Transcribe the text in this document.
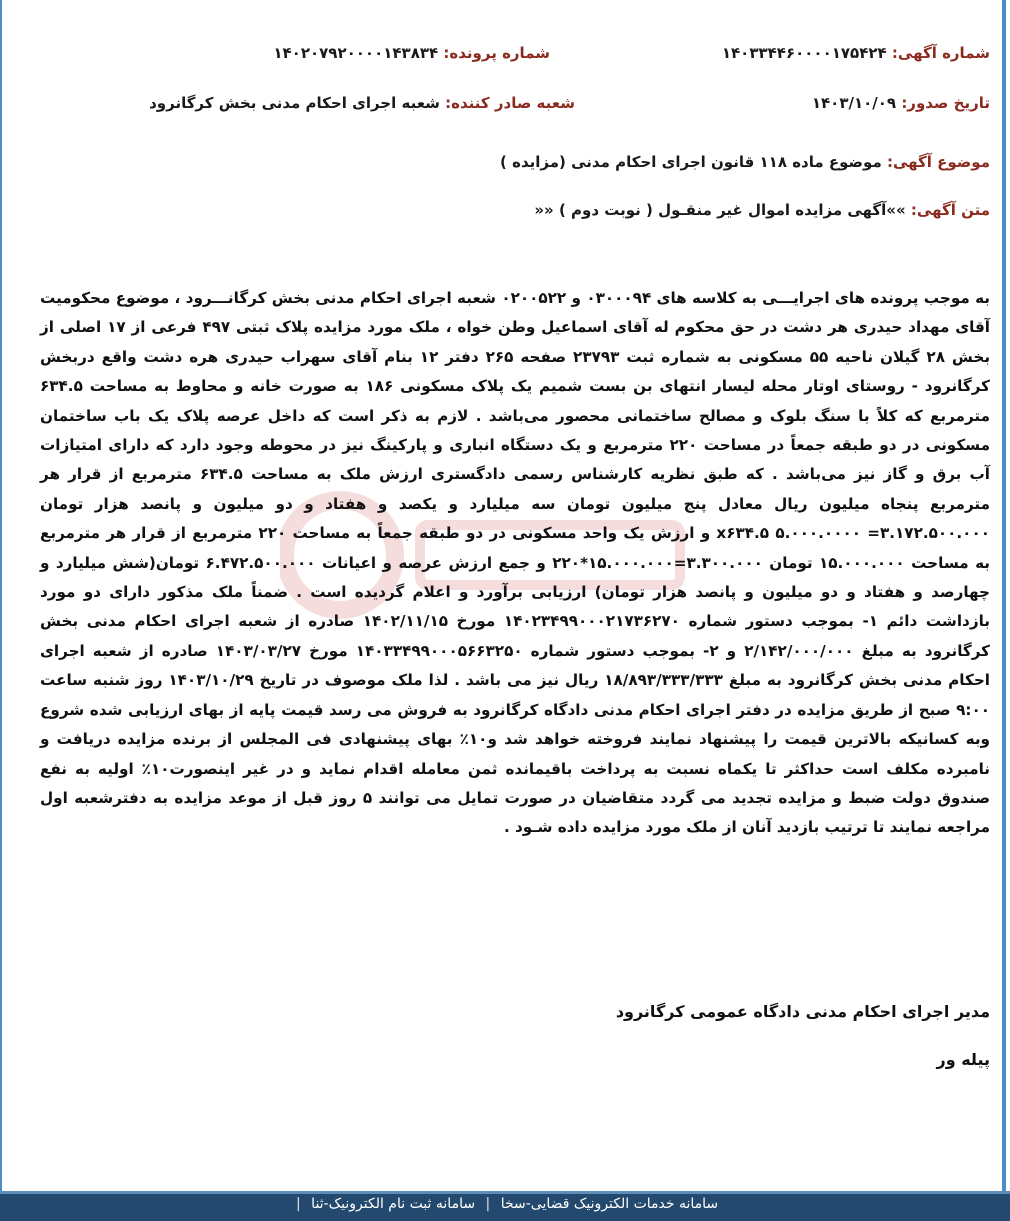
شماره آگهی: ۱۴۰۳۳۴۴۶۰۰۰۰۱۷۵۴۲۴
شماره پرونده: ۱۴۰۲۰۷۹۲۰۰۰۰۱۴۳۸۳۴
تاریخ صدور: ۱۴۰۳/۱۰/۰۹
شعبه صادر کننده: شعبه اجرای احکام مدنی بخش کرگانرود
موضوع آگهی: موضوع ماده ۱۱۸ قانون اجرای احکام مدنی (مزایده )
متن آگهی: »»آگهی مزایده اموال غیر منقـول ( نوبت دوم ) ««
به موجب پرونده های اجرایـــی به کلاسه های ۰۳۰۰۰۹۴ و ۰۲۰۰۵۲۲ شعبه اجرای احکام مدنی بخش کرگانـــرود ، موضوع محکومیت آقای مهداد حیدری هر دشت در حق محکوم له آقای اسماعیل وطن خواه ، ملک مورد مزایده پلاک ثبتی ۴۹۷ فرعی از ۱۷ اصلی از بخش ۲۸ گیلان ناحیه ۵۵ مسکونی به شماره ثبت ۲۳۷۹۳ صفحه ۲۶۵ دفتر ۱۲ بنام آقای سهراب حیدری هره دشت واقع دربخش کرگانرود - روستای اوتار محله لیسار انتهای بن بست شمیم یک پلاک مسکونی ۱۸۶ به صورت خانه و محاوط به مساحت ۶۳۴.۵ مترمربع که کلاً با سنگ بلوک و مصالح ساختمانی محصور می‌باشد . لازم به ذکر است که داخل عرصه پلاک یک باب ساختمان مسکونی در دو طبقه جمعاً در مساحت ۲۲۰ مترمربع و یک دستگاه انباری و پارکینگ نیز در محوطه وجود دارد که دارای امتیازات آب برق و گاز نیز می‌باشد . که طبق نظریه کارشناس رسمی دادگستری ارزش ملک به مساحت ۶۳۴.۵ مترمربع از قرار هر مترمربع پنجاه میلیون ریال معادل پنج میلیون تومان سه میلیارد و یکصد و هفتاد و دو میلیون و پانصد هزار تومان ۳.۱۷۲.۵۰۰.۰۰۰= ۵.۰۰۰.۰۰۰۰ x۶۳۴.۵ و ارزش یک واحد مسکونی در دو طبقه جمعاً به مساحت ۲۲۰ مترمربع از قرار هر مترمربع به مساحت ۱۵.۰۰۰.۰۰۰ تومان ۳.۳۰۰.۰۰۰=۱۵.۰۰۰.۰۰۰*۲۲۰ و جمع ارزش عرصه و اعیانات ۶.۴۷۲.۵۰۰.۰۰۰ تومان(شش میلیارد و چهارصد و هفتاد و دو میلیون و پانصد هزار تومان) ارزیابی برآورد و اعلام گردیده است . ضمناً ملک مذکور دارای دو مورد بازداشت دائم ۱- بموجب دستور شماره ۱۴۰۲۳۴۹۹۰۰۰۲۱۷۳۶۲۷۰ مورخ ۱۴۰۲/۱۱/۱۵ صادره از شعبه اجرای احکام مدنی بخش کرگانرود به مبلغ ۲/۱۴۲/۰۰۰/۰۰۰ و ۲- بموجب دستور شماره ۱۴۰۳۳۴۹۹۰۰۰۵۶۶۳۲۵۰ مورخ ۱۴۰۳/۰۳/۲۷ صادره از شعبه اجرای احکام مدنی بخش کرگانرود به مبلغ ۱۸/۸۹۳/۳۳۳/۳۳۳ ریال نیز می باشد . لذا ملک موصوف در تاریخ ۱۴۰۳/۱۰/۲۹ روز شنبه ساعت ۹:۰۰ صبح از طریق مزایده در دفتر اجرای احکام مدنی دادگاه کرگانرود به فروش می رسد قیمت پایه از بهای ارزیابی شده شروع وبه کسانیکه بالاترین قیمت را پیشنهاد نمایند فروخته خواهد شد و۱۰٪ بهای پیشنهادی فی المجلس از برنده مزایده دریافت و نامبرده مکلف است حداکثر تا یکماه نسبت به پرداخت باقیمانده ثمن معامله اقدام نماید و در غیر اینصورت۱۰٪ اولیه به نفع صندوق دولت ضبط و مزایده تجدید می گردد متقاضیان در صورت تمایل می توانند ۵ روز قبل از موعد مزایده به دفترشعبه اول مراجعه نمایند تا ترتیب بازدید آنان از ملک مورد مزایده داده شـود .
مدیر اجرای احکام مدنی دادگاه عمومی کرگانرود
پیله ور
سامانه خدمات الکترونیک قضایی-سخا | سامانه ثبت نام الکترونیک-ثنا |
